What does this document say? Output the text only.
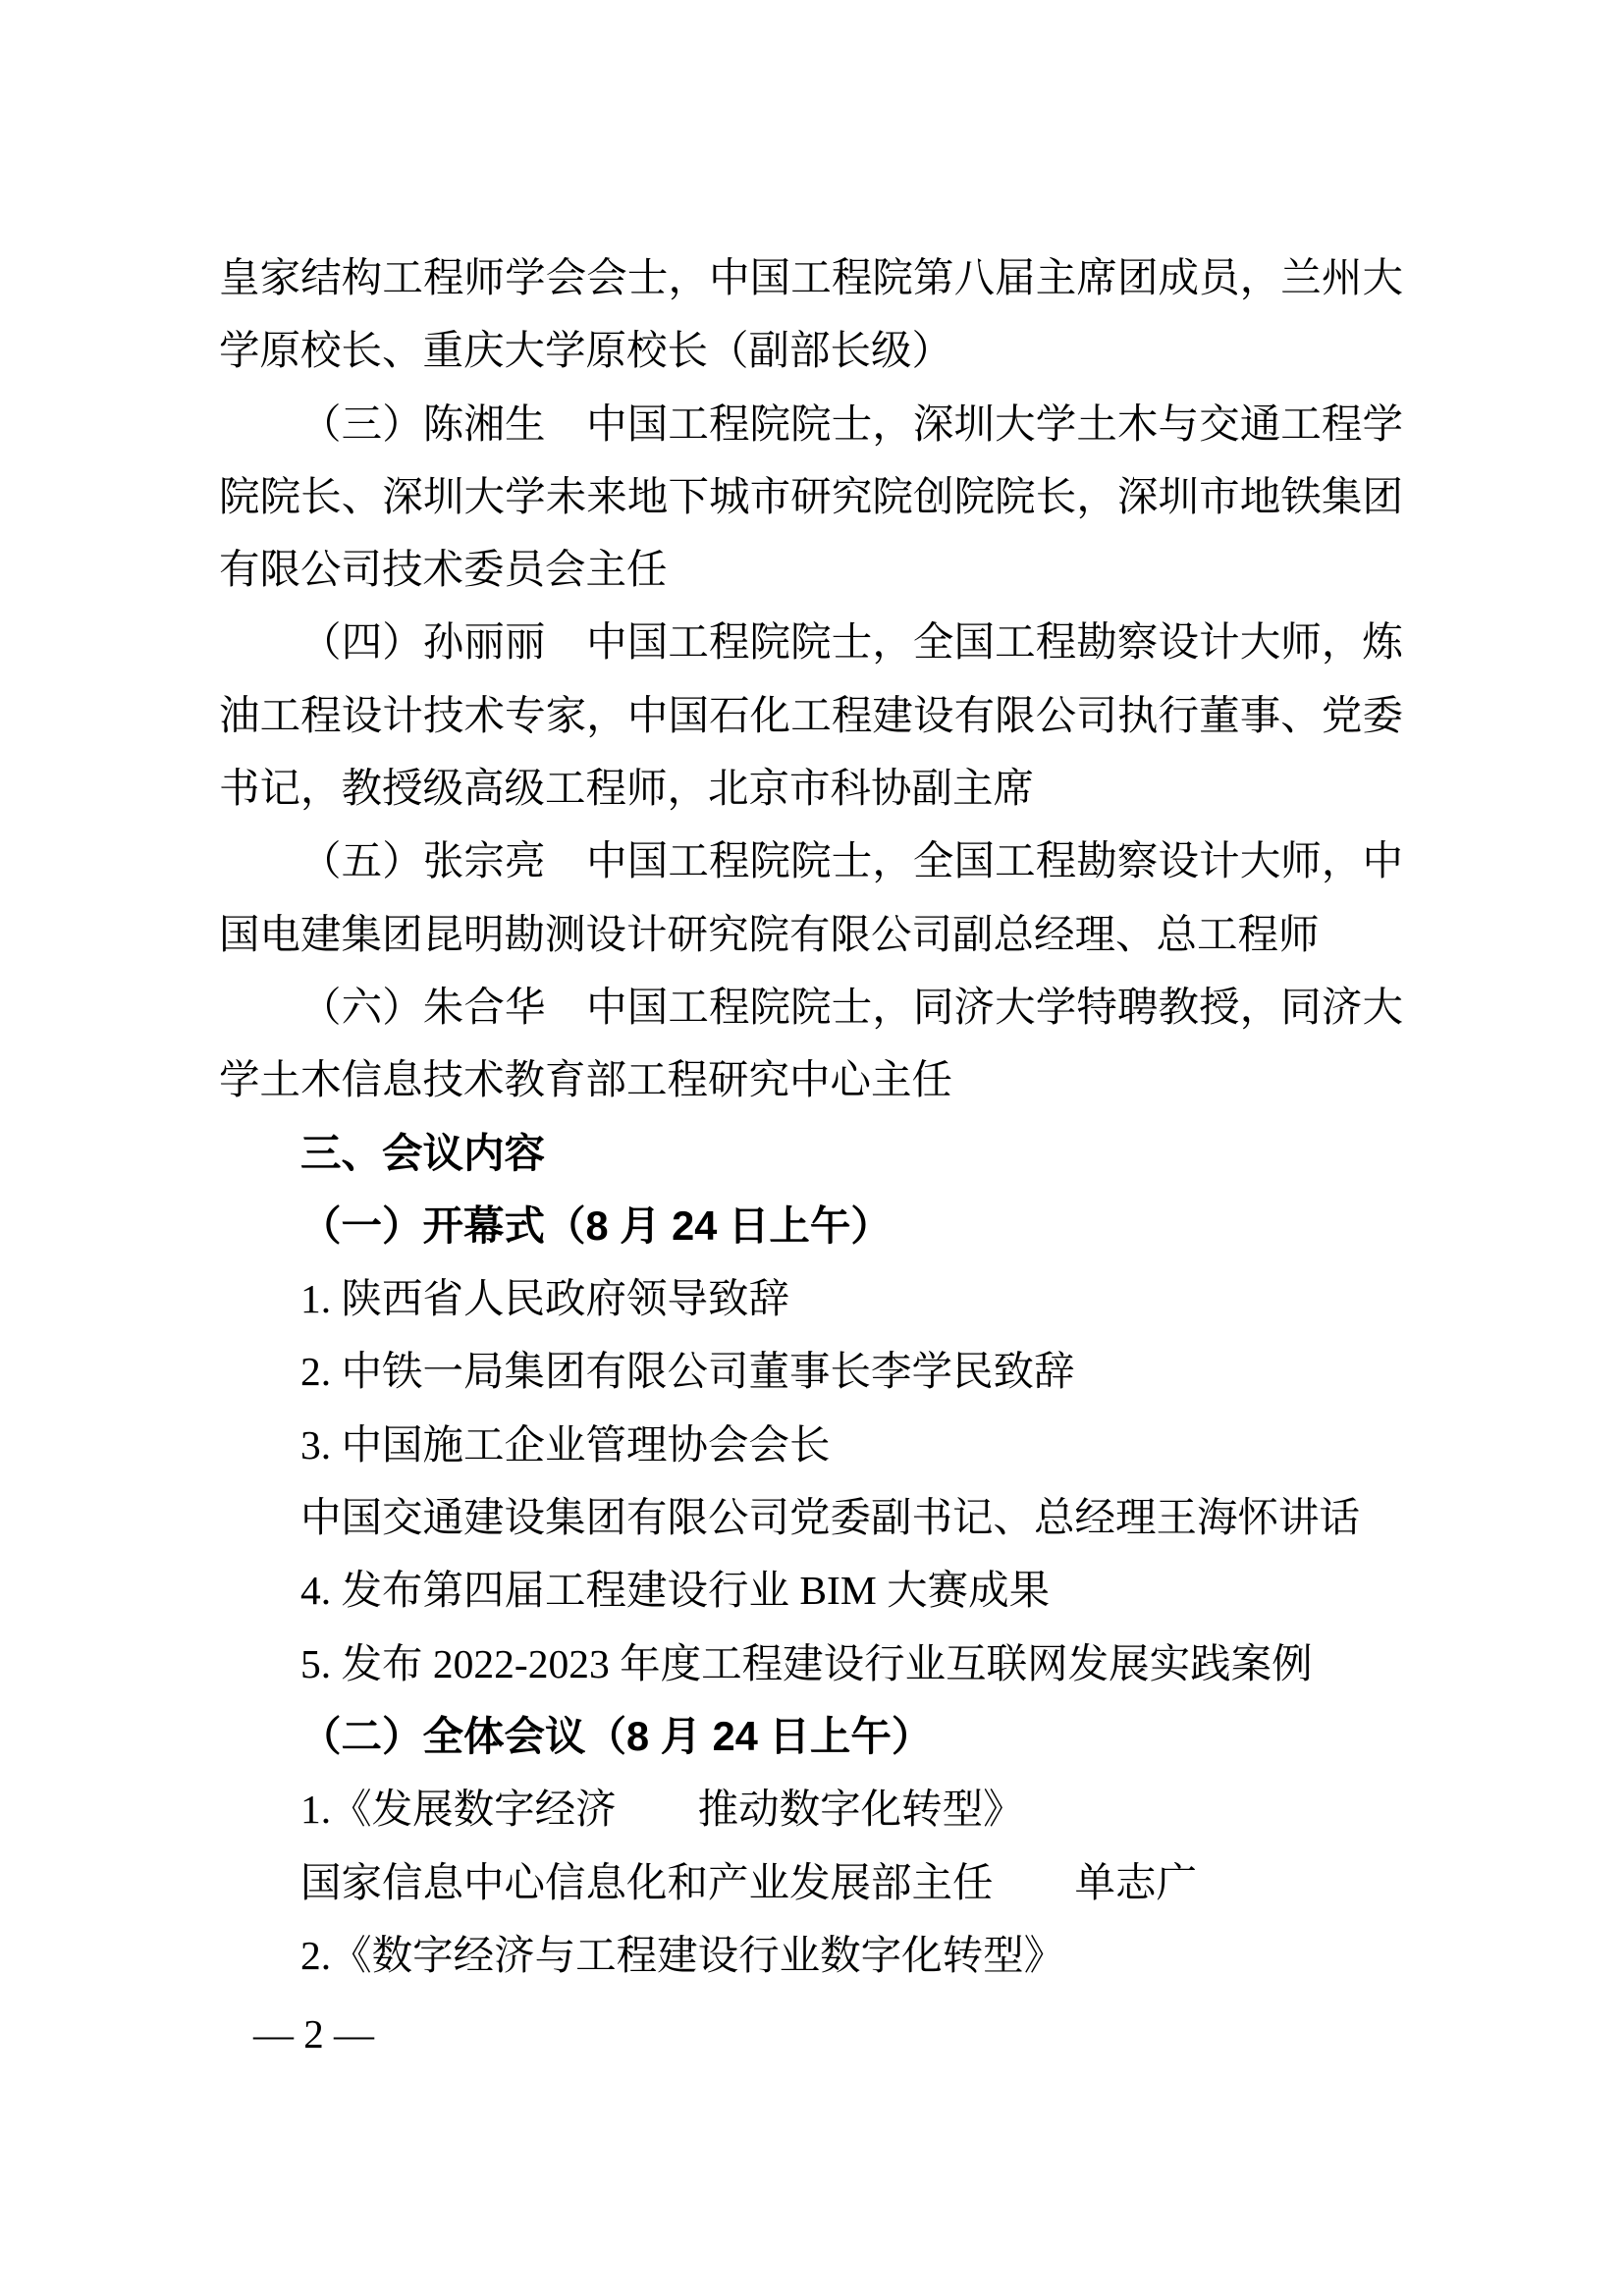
皇家结构工程师学会会士，中国工程院第八届主席团成员，兰州大
学原校长、重庆大学原校长（副部长级）
（三）陈湘生　中国工程院院士，深圳大学土木与交通工程学
院院长、深圳大学未来地下城市研究院创院院长，深圳市地铁集团
有限公司技术委员会主任
（四）孙丽丽　中国工程院院士，全国工程勘察设计大师，炼
油工程设计技术专家，中国石化工程建设有限公司执行董事、党委
书记，教授级高级工程师，北京市科协副主席
（五）张宗亮　中国工程院院士，全国工程勘察设计大师，中
国电建集团昆明勘测设计研究院有限公司副总经理、总工程师
（六）朱合华　中国工程院院士，同济大学特聘教授，同济大
学土木信息技术教育部工程研究中心主任
三、会议内容
（一）开幕式（8 月 24 日上午）
1. 陕西省人民政府领导致辞
2. 中铁一局集团有限公司董事长李学民致辞
3. 中国施工企业管理协会会长
中国交通建设集团有限公司党委副书记、总经理王海怀讲话
4. 发布第四届工程建设行业 BIM 大赛成果
5. 发布 2022-2023 年度工程建设行业互联网发展实践案例
（二）全体会议（8 月 24 日上午）
1.《发展数字经济　　推动数字化转型》
国家信息中心信息化和产业发展部主任　　单志广
2.《数字经济与工程建设行业数字化转型》
— 2 —
